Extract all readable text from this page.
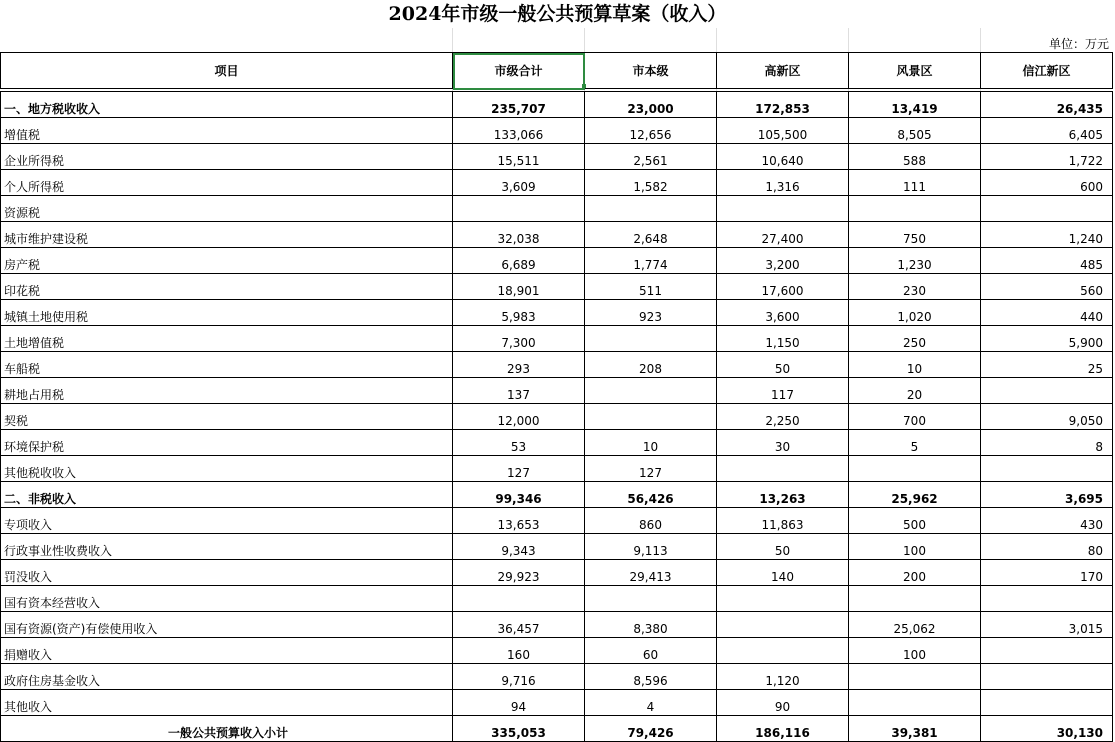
2024年市级一般公共预算草案（收入）
单位：万元
项目	市级合计	市本级	高新区	风景区	信江新区
一、地方税收收入	235,707	23,000	172,853	13,419	26,435
增值税	133,066	12,656	105,500	8,505	6,405
企业所得税	15,511	2,561	10,640	588	1,722
个人所得税	3,609	1,582	1,316	111	600
资源税					
城市维护建设税	32,038	2,648	27,400	750	1,240
房产税	6,689	1,774	3,200	1,230	485
印花税	18,901	511	17,600	230	560
城镇土地使用税	5,983	923	3,600	1,020	440
土地增值税	7,300		1,150	250	5,900
车船税	293	208	50	10	25
耕地占用税	137		117	20	
契税	12,000		2,250	700	9,050
环境保护税	53	10	30	5	8
其他税收收入	127	127			
二、非税收入	99,346	56,426	13,263	25,962	3,695
专项收入	13,653	860	11,863	500	430
行政事业性收费收入	9,343	9,113	50	100	80
罚没收入	29,923	29,413	140	200	170
国有资本经营收入					
国有资源(资产)有偿使用收入	36,457	8,380		25,062	3,015
捐赠收入	160	60		100	
政府住房基金收入	9,716	8,596	1,120		
其他收入	94	4	90		
一般公共预算收入小计	335,053	79,426	186,116	39,381	30,130
